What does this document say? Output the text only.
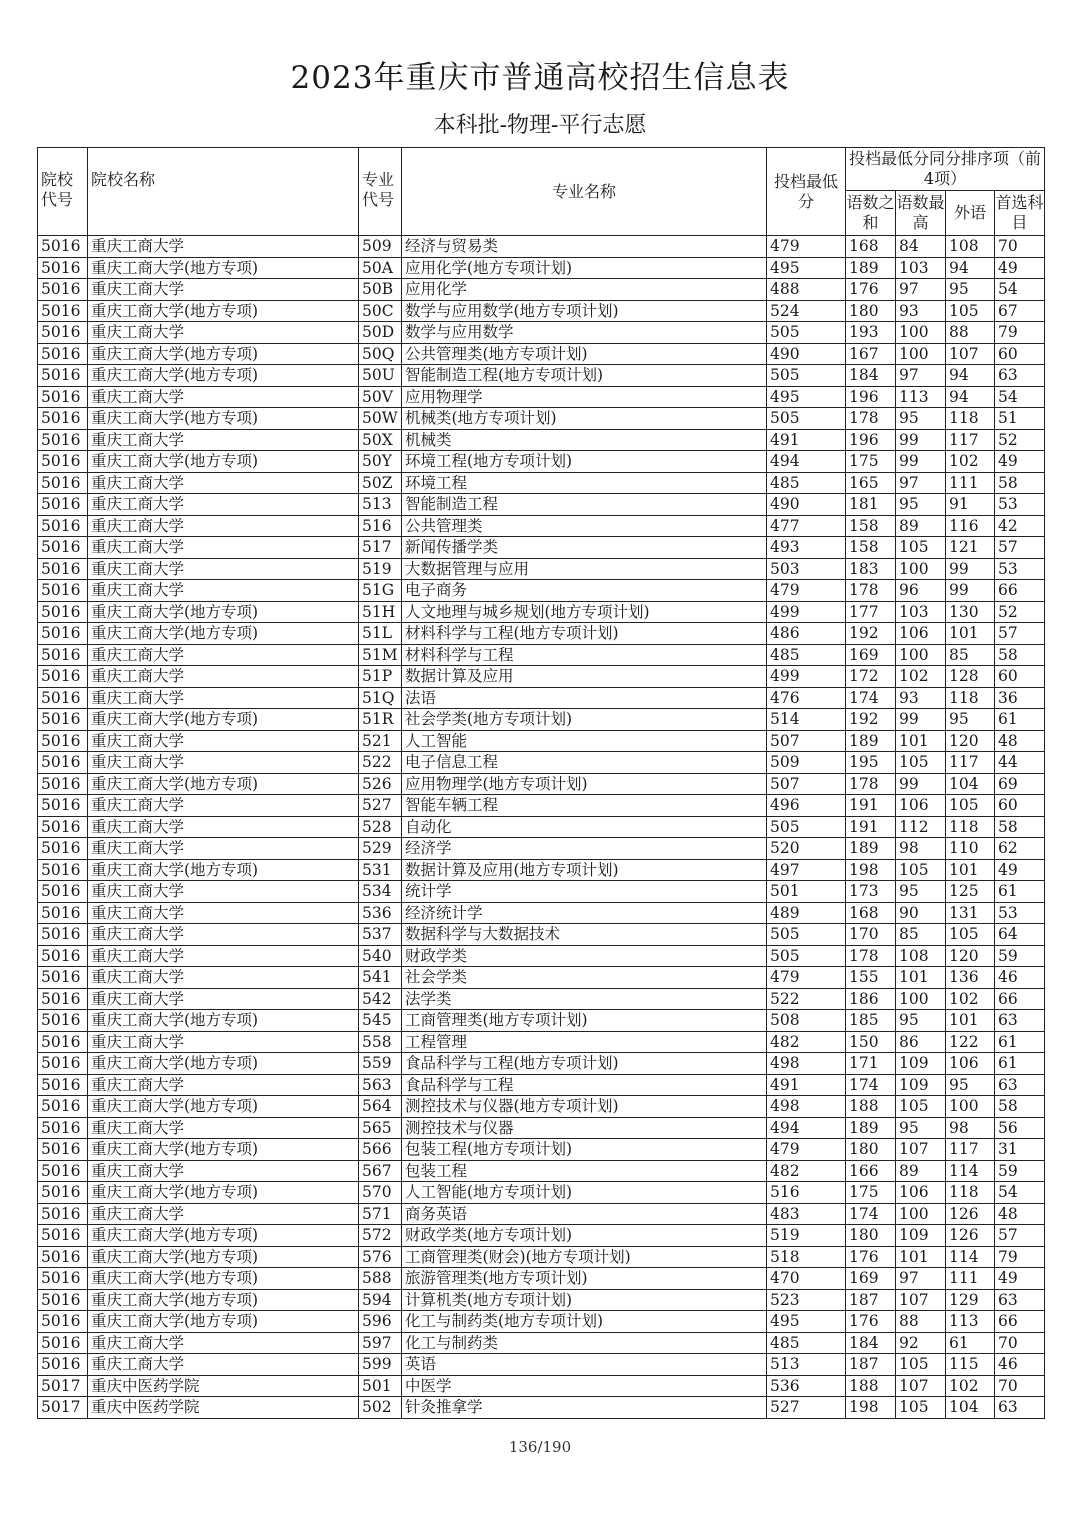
2023年重庆市普通高校招生信息表
本科批-物理-平行志愿
院校代号	院校名称	专业代号	专业名称	投档最低分	投档最低分同分排序项（前4项）			
					语数之和	语数最高	外语	首选科目
5016	重庆工商大学	509	经济与贸易类	479	168	84	108	70
5016	重庆工商大学(地方专项)	50A	应用化学(地方专项计划)	495	189	103	94	49
5016	重庆工商大学	50B	应用化学	488	176	97	95	54
5016	重庆工商大学(地方专项)	50C	数学与应用数学(地方专项计划)	524	180	93	105	67
5016	重庆工商大学	50D	数学与应用数学	505	193	100	88	79
5016	重庆工商大学(地方专项)	50Q	公共管理类(地方专项计划)	490	167	100	107	60
5016	重庆工商大学(地方专项)	50U	智能制造工程(地方专项计划)	505	184	97	94	63
5016	重庆工商大学	50V	应用物理学	495	196	113	94	54
5016	重庆工商大学(地方专项)	50W	机械类(地方专项计划)	505	178	95	118	51
5016	重庆工商大学	50X	机械类	491	196	99	117	52
5016	重庆工商大学(地方专项)	50Y	环境工程(地方专项计划)	494	175	99	102	49
5016	重庆工商大学	50Z	环境工程	485	165	97	111	58
5016	重庆工商大学	513	智能制造工程	490	181	95	91	53
5016	重庆工商大学	516	公共管理类	477	158	89	116	42
5016	重庆工商大学	517	新闻传播学类	493	158	105	121	57
5016	重庆工商大学	519	大数据管理与应用	503	183	100	99	53
5016	重庆工商大学	51G	电子商务	479	178	96	99	66
5016	重庆工商大学(地方专项)	51H	人文地理与城乡规划(地方专项计划)	499	177	103	130	52
5016	重庆工商大学(地方专项)	51L	材料科学与工程(地方专项计划)	486	192	106	101	57
5016	重庆工商大学	51M	材料科学与工程	485	169	100	85	58
5016	重庆工商大学	51P	数据计算及应用	499	172	102	128	60
5016	重庆工商大学	51Q	法语	476	174	93	118	36
5016	重庆工商大学(地方专项)	51R	社会学类(地方专项计划)	514	192	99	95	61
5016	重庆工商大学	521	人工智能	507	189	101	120	48
5016	重庆工商大学	522	电子信息工程	509	195	105	117	44
5016	重庆工商大学(地方专项)	526	应用物理学(地方专项计划)	507	178	99	104	69
5016	重庆工商大学	527	智能车辆工程	496	191	106	105	60
5016	重庆工商大学	528	自动化	505	191	112	118	58
5016	重庆工商大学	529	经济学	520	189	98	110	62
5016	重庆工商大学(地方专项)	531	数据计算及应用(地方专项计划)	497	198	105	101	49
5016	重庆工商大学	534	统计学	501	173	95	125	61
5016	重庆工商大学	536	经济统计学	489	168	90	131	53
5016	重庆工商大学	537	数据科学与大数据技术	505	170	85	105	64
5016	重庆工商大学	540	财政学类	505	178	108	120	59
5016	重庆工商大学	541	社会学类	479	155	101	136	46
5016	重庆工商大学	542	法学类	522	186	100	102	66
5016	重庆工商大学(地方专项)	545	工商管理类(地方专项计划)	508	185	95	101	63
5016	重庆工商大学	558	工程管理	482	150	86	122	61
5016	重庆工商大学(地方专项)	559	食品科学与工程(地方专项计划)	498	171	109	106	61
5016	重庆工商大学	563	食品科学与工程	491	174	109	95	63
5016	重庆工商大学(地方专项)	564	测控技术与仪器(地方专项计划)	498	188	105	100	58
5016	重庆工商大学	565	测控技术与仪器	494	189	95	98	56
5016	重庆工商大学(地方专项)	566	包装工程(地方专项计划)	479	180	107	117	31
5016	重庆工商大学	567	包装工程	482	166	89	114	59
5016	重庆工商大学(地方专项)	570	人工智能(地方专项计划)	516	175	106	118	54
5016	重庆工商大学	571	商务英语	483	174	100	126	48
5016	重庆工商大学(地方专项)	572	财政学类(地方专项计划)	519	180	109	126	57
5016	重庆工商大学(地方专项)	576	工商管理类(财会)(地方专项计划)	518	176	101	114	79
5016	重庆工商大学(地方专项)	588	旅游管理类(地方专项计划)	470	169	97	111	49
5016	重庆工商大学(地方专项)	594	计算机类(地方专项计划)	523	187	107	129	63
5016	重庆工商大学(地方专项)	596	化工与制药类(地方专项计划)	495	176	88	113	66
5016	重庆工商大学	597	化工与制药类	485	184	92	61	70
5016	重庆工商大学	599	英语	513	187	105	115	46
5017	重庆中医药学院	501	中医学	536	188	107	102	70
5017	重庆中医药学院	502	针灸推拿学	527	198	105	104	63
136/190
